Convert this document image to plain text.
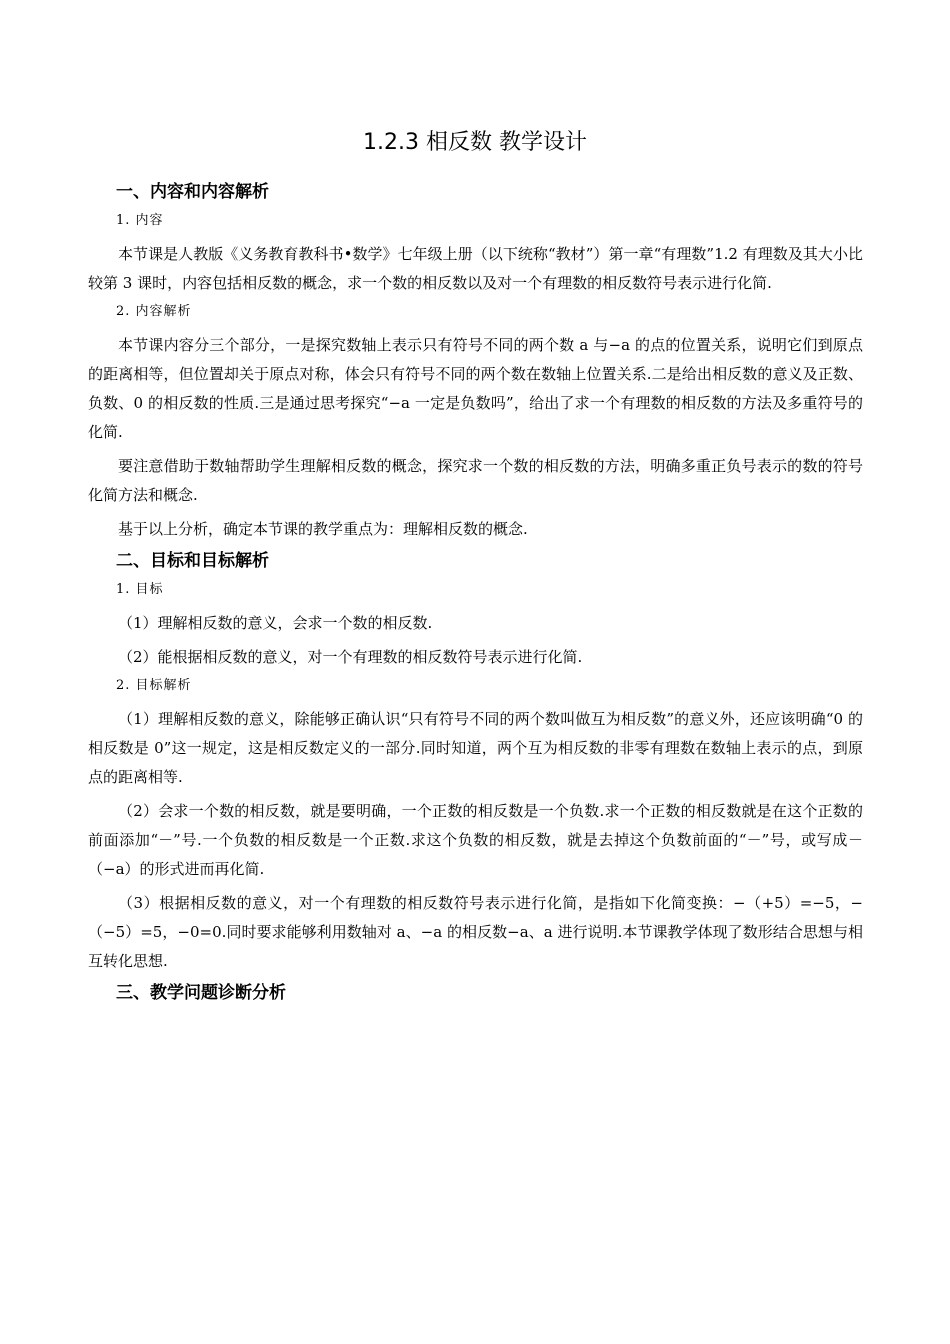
1.2.3 相反数 教学设计
一、内容和内容解析
1. 内容

本节课是人教版《义务教育教科书•数学》七年级上册（以下统称“教材”）第一章“有理数”1.2 有理数及其大小比较第 3 课时，内容包括相反数的概念，求一个数的相反数以及对一个有理数的相反数符号表示进行化简.

2. 内容解析

本节课内容分三个部分，一是探究数轴上表示只有符号不同的两个数 a 与−a 的点的位置关系，说明它们到原点的距离相等，但位置却关于原点对称，体会只有符号不同的两个数在数轴上位置关系.二是给出相反数的意义及正数、负数、0 的相反数的性质.三是通过思考探究“−a 一定是负数吗”，给出了求一个有理数的相反数的方法及多重符号的化简.

要注意借助于数轴帮助学生理解相反数的概念，探究求一个数的相反数的方法，明确多重正负号表示的数的符号化简方法和概念.

基于以上分析，确定本节课的教学重点为：理解相反数的概念.

二、目标和目标解析
1. 目标
（1）理解相反数的意义，会求一个数的相反数.
（2）能根据相反数的意义，对一个有理数的相反数符号表示进行化简.
2. 目标解析

（1）理解相反数的意义，除能够正确认识“只有符号不同的两个数叫做互为相反数”的意义外，还应该明确“0 的相反数是 0”这一规定，这是相反数定义的一部分.同时知道，两个互为相反数的非零有理数在数轴上表示的点，到原点的距离相等.

（2）会求一个数的相反数，就是要明确，一个正数的相反数是一个负数.求一个正数的相反数就是在这个正数的前面添加“－”号.一个负数的相反数是一个正数.求这个负数的相反数，就是去掉这个负数前面的“－”号，或写成－（−a）的形式进而再化简.

（3）根据相反数的意义，对一个有理数的相反数符号表示进行化简，是指如下化简变换：−（+5）=−5，−（−5）=5，−0=0.同时要求能够利用数轴对 a、−a 的相反数−a、a 进行说明.本节课教学体现了数形结合思想与相互转化思想.

三、教学问题诊断分析
